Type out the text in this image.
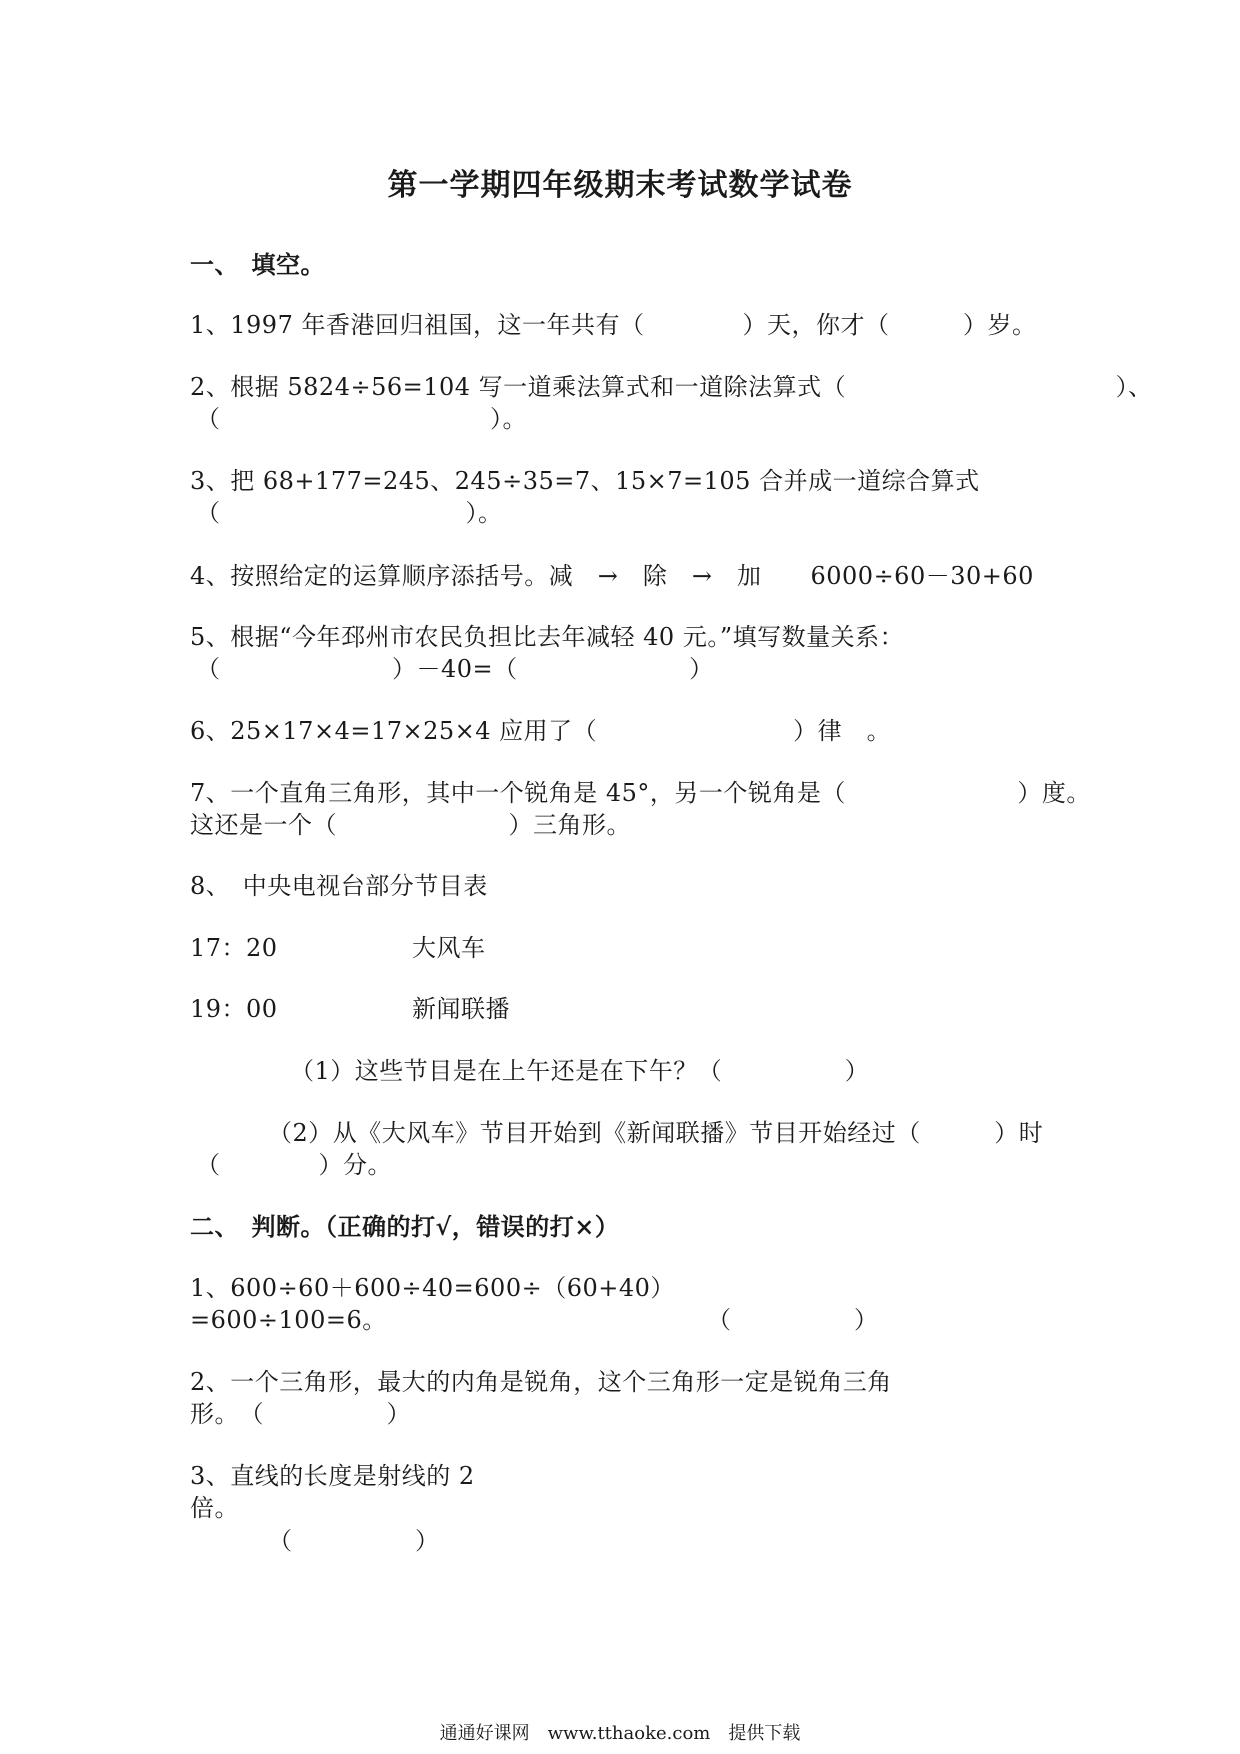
第一学期四年级期末考试数学试卷
一、　填空。
1、1997 年香港回归祖国，这一年共有（　　　　）天，你才（　　　）岁。
2、根据 5824÷56=104 写一道乘法算式和一道除法算式（　　　　　　　　　　　）、
（　　　　　　　　　　　）。
3、把 68+177=245、245÷35=7、15×7=105 合并成一道综合算式
（　　　　　　　　　　）。
4、按照给定的运算顺序添括号。减　→　除　→　加　　6000÷60－30+60
5、根据“今年邳州市农民负担比去年减轻 40 元。”填写数量关系：
（　　　　　　　）－40=（　　　　　　　）
6、25×17×4=17×25×4 应用了（　　　　　　　　）律　。
7、一个直角三角形，其中一个锐角是 45°，另一个锐角是（　　　　　　　）度。
这还是一个（　　　　　　　）三角形。
8、　中央电视台部分节目表
17：20	大风车
19：00	新闻联播
（1）这些节目是在上午还是在下午？（　　　　　）
（2）从《大风车》节目开始到《新闻联播》节目开始经过（　　　）时
（　　　　）分。
二、　判断。（正确的打√，错误的打×）
1、600÷60＋600÷40=600÷（60+40）
=600÷100=6。	（　　　　　）
2、一个三角形，最大的内角是锐角，这个三角形一定是锐角三角
形。　（　　　　　）
3、直线的长度是射线的 2
倍。
（　　　　　）
通通好课网　www.tthaoke.com　提供下载
